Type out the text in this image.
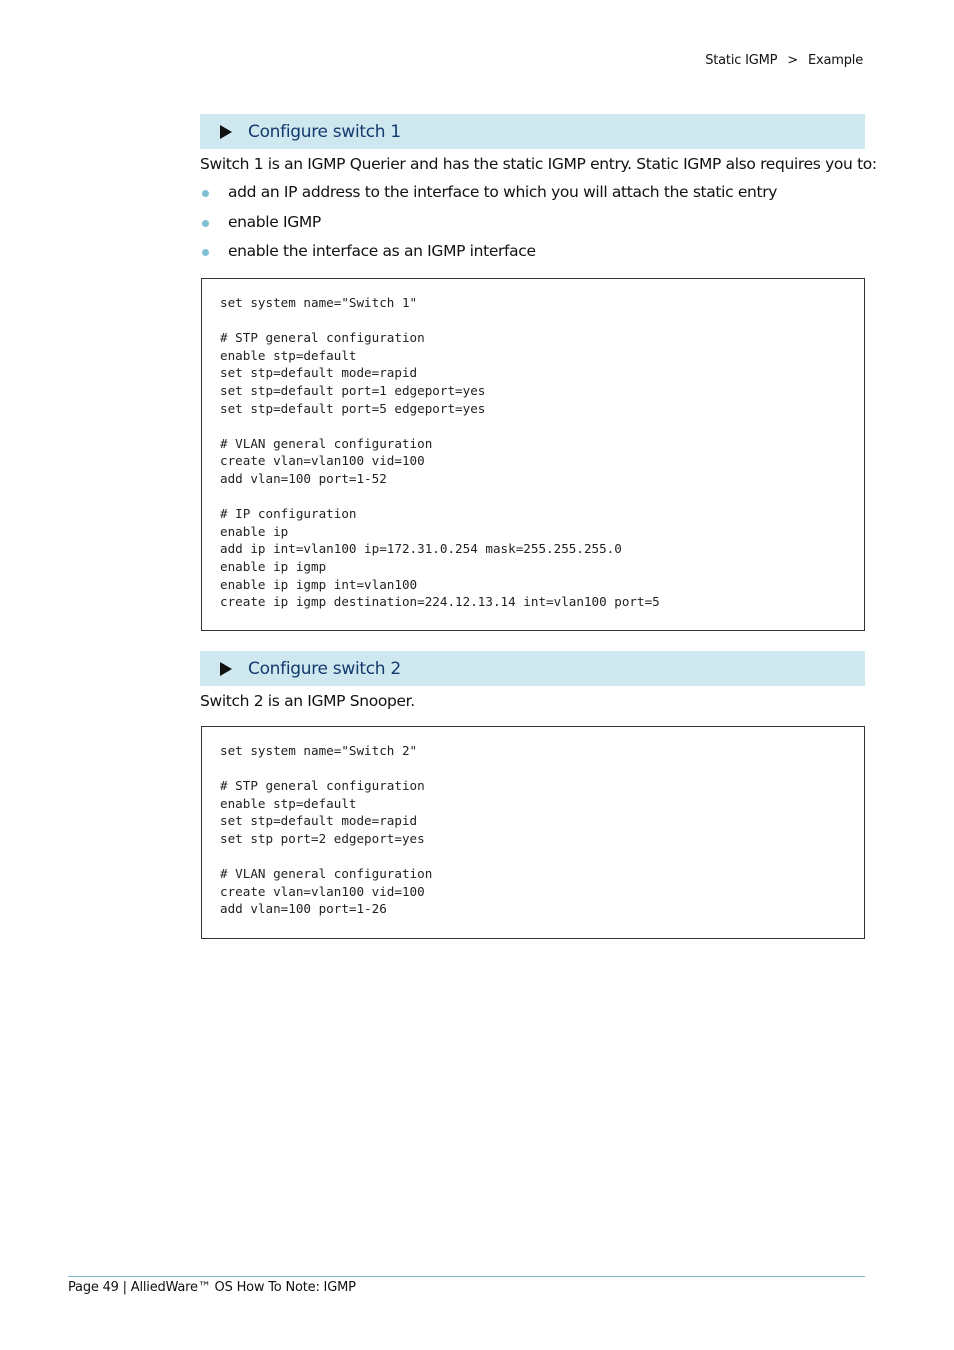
Static IGMP > Example
Configure switch 1
Switch 1 is an IGMP Querier and has the static IGMP entry. Static IGMP also requires you to:
add an IP address to the interface to which you will attach the static entry
enable IGMP
enable the interface as an IGMP interface
set system name="Switch 1"
# STP general configuration
enable stp=default
set stp=default mode=rapid
set stp=default port=1 edgeport=yes
set stp=default port=5 edgeport=yes
# VLAN general configuration
create vlan=vlan100 vid=100
add vlan=100 port=1-52
# IP configuration
enable ip
add ip int=vlan100 ip=172.31.0.254 mask=255.255.255.0
enable ip igmp
enable ip igmp int=vlan100
create ip igmp destination=224.12.13.14 int=vlan100 port=5
Configure switch 2
Switch 2 is an IGMP Snooper.
set system name="Switch 2"
# STP general configuration
enable stp=default
set stp=default mode=rapid
set stp port=2 edgeport=yes
# VLAN general configuration
create vlan=vlan100 vid=100
add vlan=100 port=1-26
Page 49 | AlliedWare™ OS How To Note: IGMP
